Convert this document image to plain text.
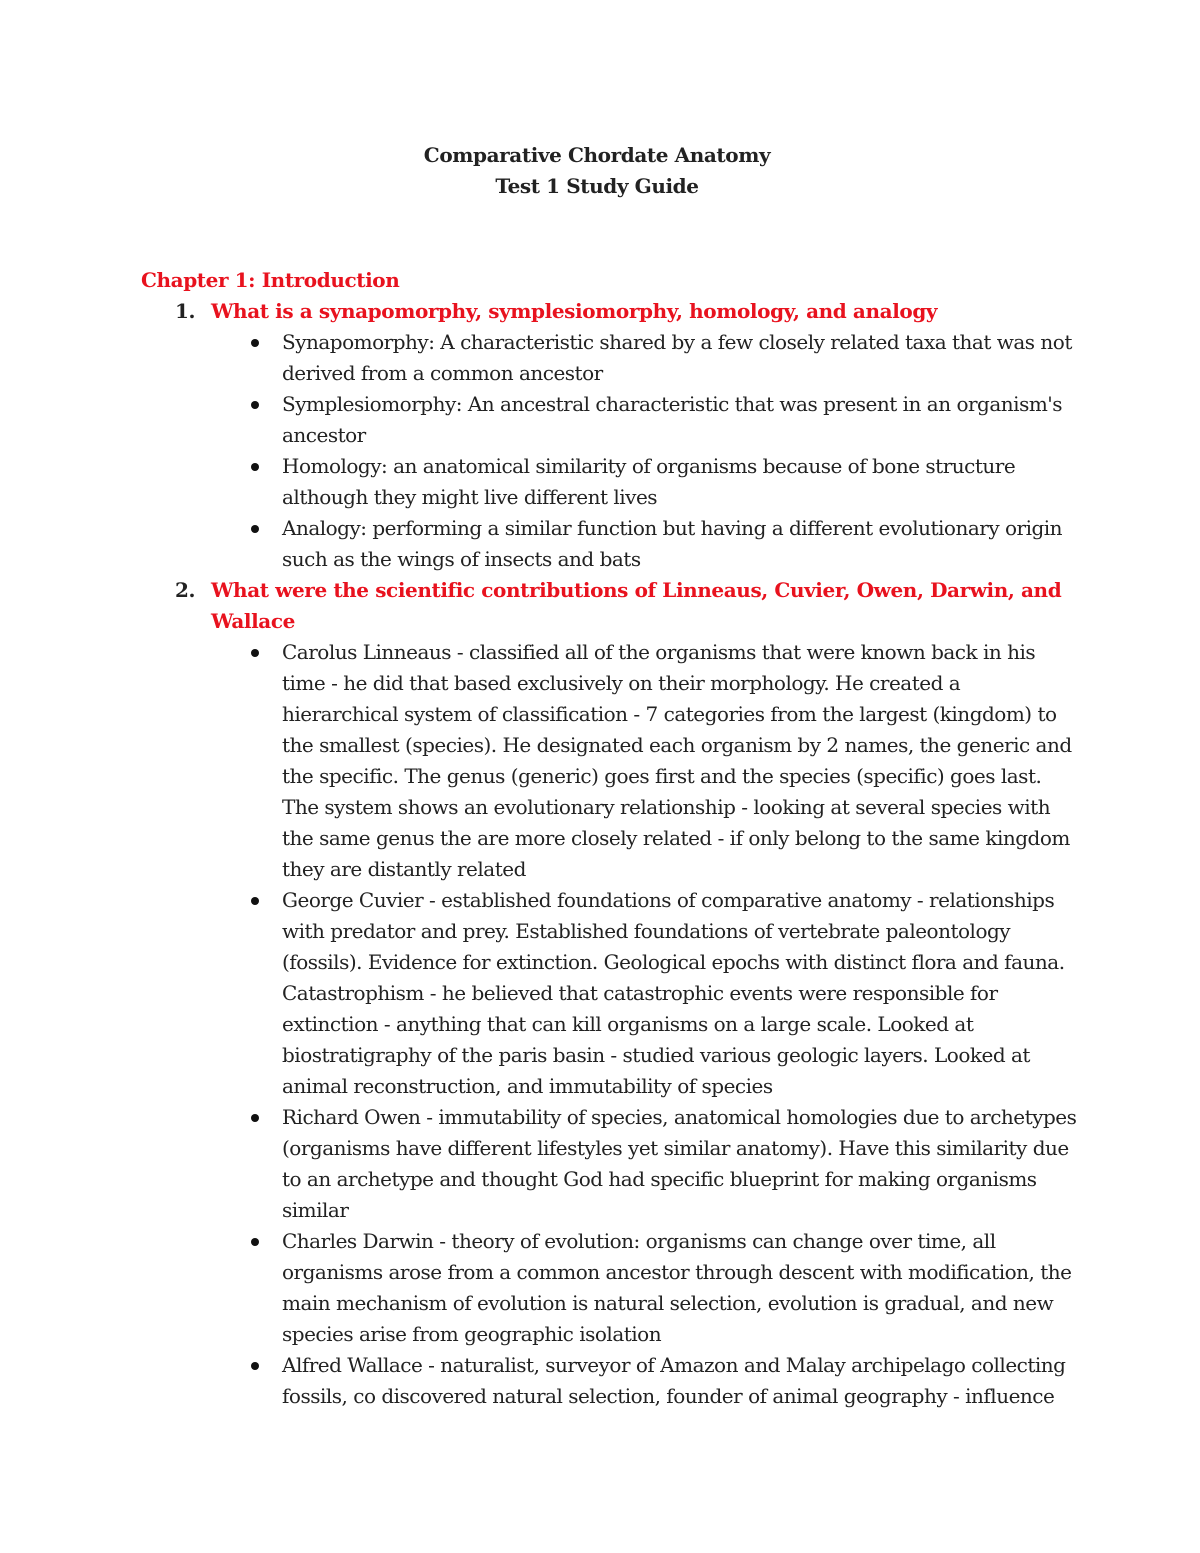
Comparative Chordate Anatomy
Test 1 Study Guide
Chapter 1: Introduction
1. What is a synapomorphy, symplesiomorphy, homology, and analogy
Synapomorphy: A characteristic shared by a few closely related taxa that was not derived from a common ancestor
Symplesiomorphy: An ancestral characteristic that was present in an organism's ancestor
Homology: an anatomical similarity of organisms because of bone structure although they might live different lives
Analogy: performing a similar function but having a different evolutionary origin such as the wings of insects and bats
2. What were the scientific contributions of Linneaus, Cuvier, Owen, Darwin, and Wallace
Carolus Linneaus - classified all of the organisms that were known back in his time - he did that based exclusively on their morphology. He created a hierarchical system of classification - 7 categories from the largest (kingdom) to the smallest (species). He designated each organism by 2 names, the generic and the specific. The genus (generic) goes first and the species (specific) goes last. The system shows an evolutionary relationship - looking at several species with the same genus the are more closely related - if only belong to the same kingdom they are distantly related
George Cuvier - established foundations of comparative anatomy - relationships with predator and prey. Established foundations of vertebrate paleontology (fossils). Evidence for extinction. Geological epochs with distinct flora and fauna. Catastrophism - he believed that catastrophic events were responsible for extinction - anything that can kill organisms on a large scale. Looked at biostratigraphy of the paris basin - studied various geologic layers. Looked at animal reconstruction, and immutability of species
Richard Owen - immutability of species, anatomical homologies due to archetypes (organisms have different lifestyles yet similar anatomy). Have this similarity due to an archetype and thought God had specific blueprint for making organisms similar
Charles Darwin - theory of evolution: organisms can change over time, all organisms arose from a common ancestor through descent with modification, the main mechanism of evolution is natural selection, evolution is gradual, and new species arise from geographic isolation
Alfred Wallace - naturalist, surveyor of Amazon and Malay archipelago collecting fossils, co discovered natural selection, founder of animal geography - influence
